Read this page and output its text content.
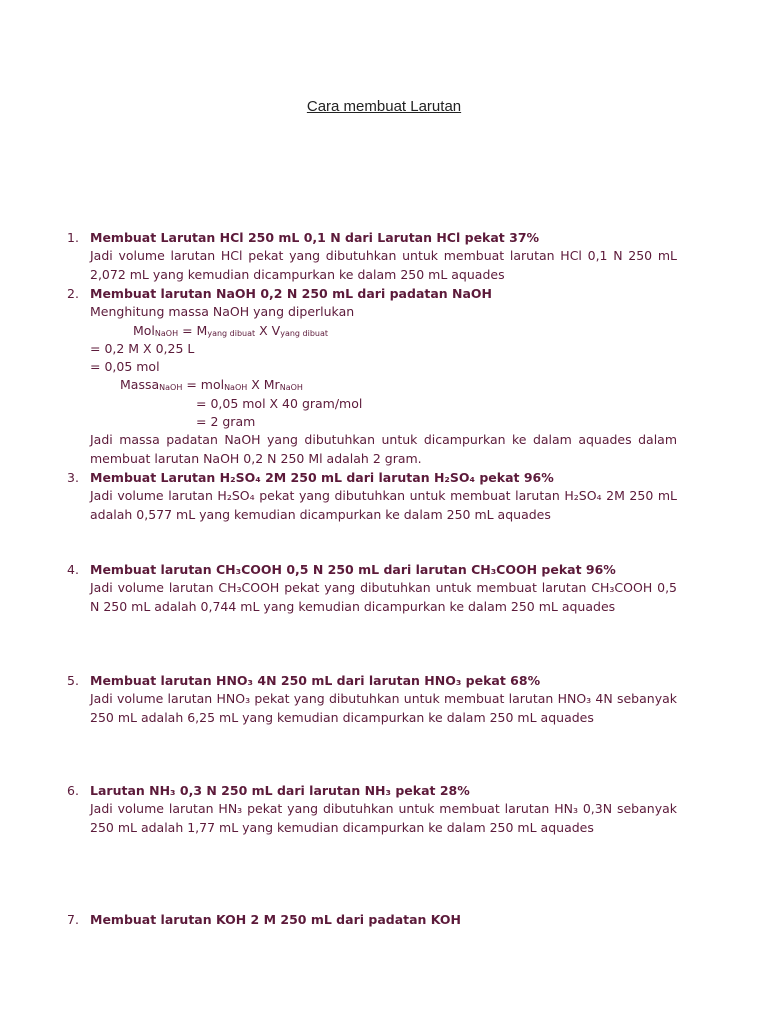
Cara membuat Larutan
1. Membuat Larutan HCl 250 mL 0,1 N dari Larutan HCl pekat 37%
Jadi volume larutan HCl pekat yang dibutuhkan untuk membuat larutan HCl 0,1 N 250 mL 2,072 mL yang kemudian dicampurkan ke dalam 250 mL aquades
2. Membuat larutan NaOH 0,2 N 250 mL dari padatan NaOH
Menghitung massa NaOH yang diperlukan
$Mol_{NaOH} = M_{yang dibuat}$ X $V_{yang dibuat}$
= 0,2 M X 0,25 L
= 0,05 mol
Massa$_{NaOH}$ = mol$_{NaOH}$ X $Mr_{NaOH}$
= 0,05 mol X 40 gram/mol
= 2 gram
Jadi massa padatan NaOH yang dibutuhkan untuk dicampurkan ke dalam aquades dalam membuat larutan NaOH 0,2 N 250 Ml adalah 2 gram.
3. Membuat Larutan H₂SO₄ 2M 250 mL dari larutan H₂SO₄ pekat 96%
Jadi volume larutan H₂SO₄ pekat yang dibutuhkan untuk membuat larutan H₂SO₄ 2M 250 mL adalah 0,577 mL yang kemudian dicampurkan ke dalam 250 mL aquades
4. Membuat larutan CH₃COOH 0,5 N 250 mL dari larutan CH₃COOH pekat 96%
Jadi volume larutan CH₃COOH pekat yang dibutuhkan untuk membuat larutan CH₃COOH 0,5 N 250 mL adalah 0,744 mL yang kemudian dicampurkan ke dalam 250 mL aquades
5. Membuat larutan HNO₃ 4N 250 mL dari larutan HNO₃ pekat 68%
Jadi volume larutan HNO₃ pekat yang dibutuhkan untuk membuat larutan HNO₃ 4N sebanyak 250 mL adalah 6,25 mL yang kemudian dicampurkan ke dalam 250 mL aquades
6. Larutan NH₃ 0,3 N 250 mL dari larutan NH₃ pekat 28%
Jadi volume larutan HN₃ pekat yang dibutuhkan untuk membuat larutan HN₃ 0,3N sebanyak 250 mL adalah 1,77 mL yang kemudian dicampurkan ke dalam 250 mL aquades
7. Membuat larutan KOH 2 M 250 mL dari padatan KOH
